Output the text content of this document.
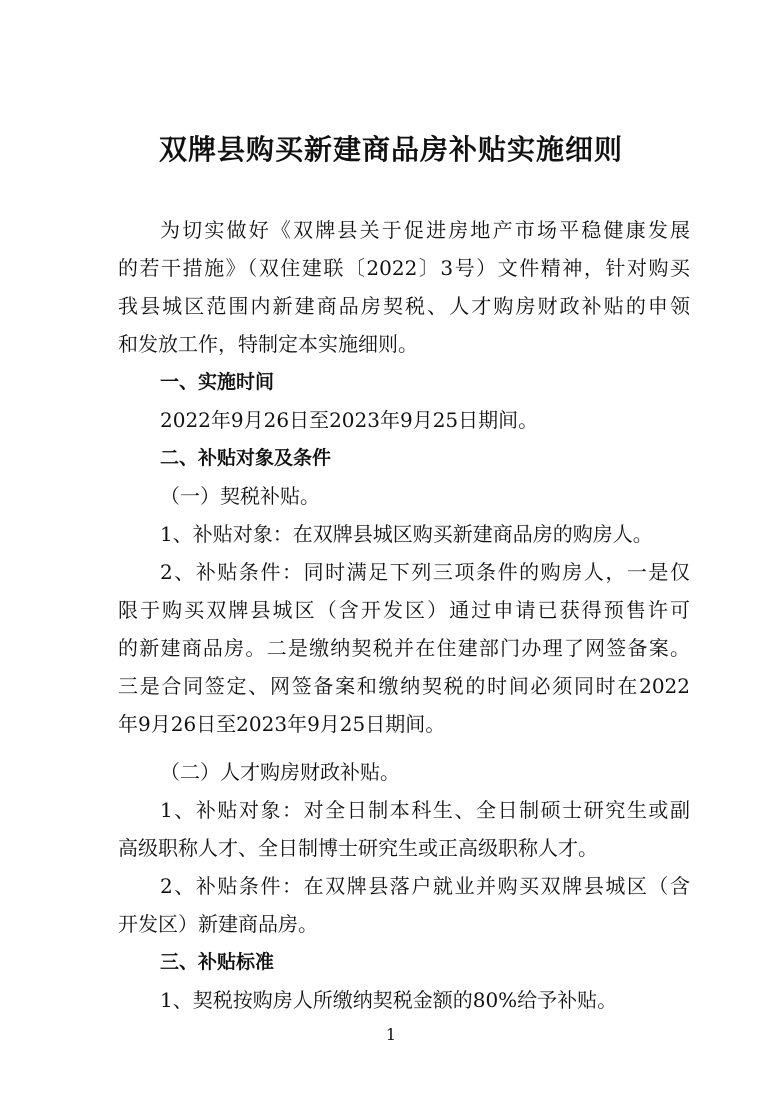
双牌县购买新建商品房补贴实施细则
为切实做好《双牌县关于促进房地产市场平稳健康发展
的若干措施》（双住建联〔2022〕3号）文件精神，针对购买
我县城区范围内新建商品房契税、人才购房财政补贴的申领
和发放工作，特制定本实施细则。
一、实施时间
2022年9月26日至2023年9月25日期间。
二、补贴对象及条件
（一）契税补贴。
1、补贴对象：在双牌县城区购买新建商品房的购房人。
2、补贴条件：同时满足下列三项条件的购房人，一是仅
限于购买双牌县城区（含开发区）通过申请已获得预售许可
的新建商品房。二是缴纳契税并在住建部门办理了网签备案。
三是合同签定、网签备案和缴纳契税的时间必须同时在2022
年9月26日至2023年9月25日期间。
（二）人才购房财政补贴。
1、补贴对象：对全日制本科生、全日制硕士研究生或副
高级职称人才、全日制博士研究生或正高级职称人才。
2、补贴条件：在双牌县落户就业并购买双牌县城区（含
开发区）新建商品房。
三、补贴标准
1、契税按购房人所缴纳契税金额的80%给予补贴。
1
